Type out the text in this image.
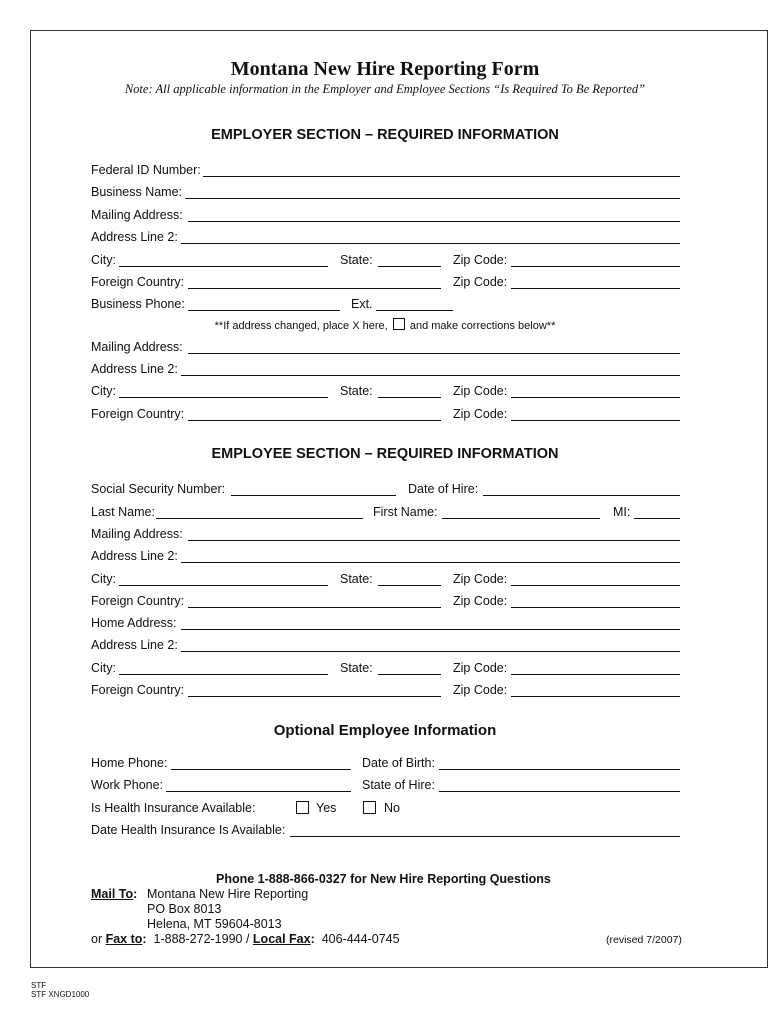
Montana New Hire Reporting Form
Note: All applicable information in the Employer and Employee Sections “Is Required To Be Reported”
EMPLOYER SECTION – REQUIRED INFORMATION
Federal ID Number:
Business Name:
Mailing Address:
Address Line 2:
City:	State:	Zip Code:
Foreign Country:	Zip Code:
Business Phone:	Ext.
**If address changed, place X here, and make corrections below**
Mailing Address:
Address Line 2:
City:	State:	Zip Code:
Foreign Country:	Zip Code:
EMPLOYEE SECTION – REQUIRED INFORMATION
Social Security Number:	Date of Hire:
Last Name:	First Name:	MI:
Mailing Address:
Address Line 2:
City:	State:	Zip Code:
Foreign Country:	Zip Code:
Home Address:
Address Line 2:
City:	State:	Zip Code:
Foreign Country:	Zip Code:
Optional Employee Information
Home Phone:	Date of Birth:
Work Phone:	State of Hire:
Is Health Insurance Available:	Yes	No
Date Health Insurance Is Available:
Phone 1-888-866-0327 for New Hire Reporting Questions
Mail To: Montana New Hire Reporting
PO Box 8013
Helena, MT 59604-8013
or Fax to: 1-888-272-1990 / Local Fax: 406-444-0745	(revised 7/2007)
STF
STF XNGD1000
